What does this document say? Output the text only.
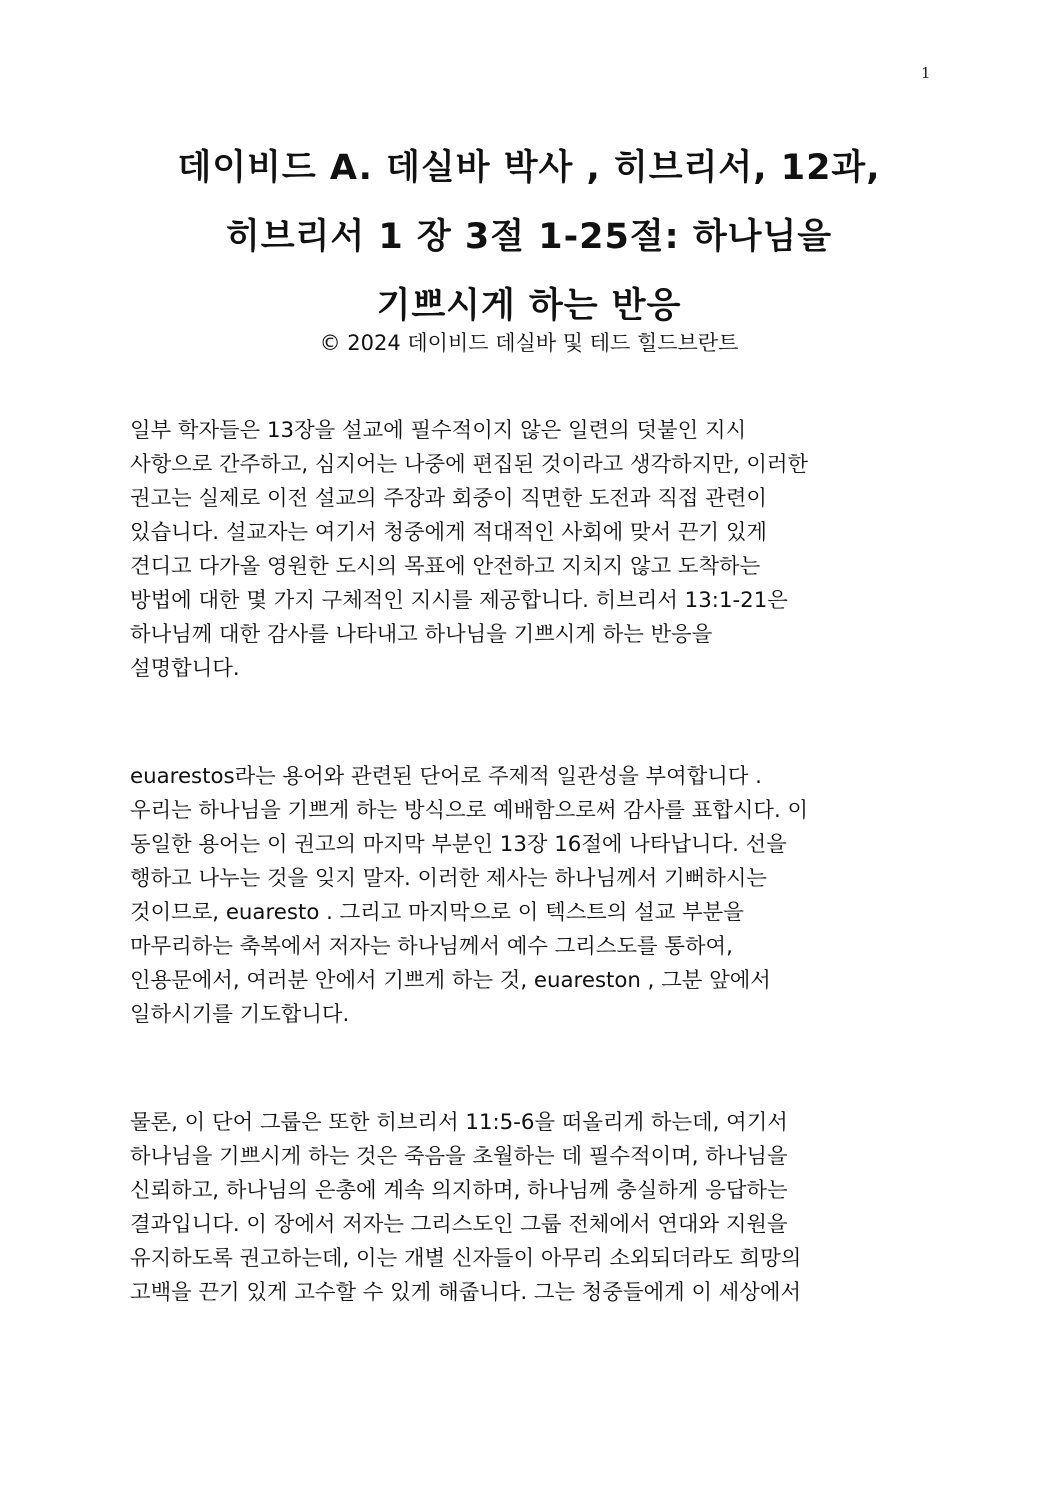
1
데이비드 A. 데실바 박사 , 히브리서, 12과,
히브리서 1 장 3절 1-25절: 하나님을
기쁘시게 하는 반응
© 2024 데이비드 데실바 및 테드 힐드브란트

일부 학자들은 13장을 설교에 필수적이지 않은 일련의 덧붙인 지시
사항으로 간주하고, 심지어는 나중에 편집된 것이라고 생각하지만, 이러한
권고는 실제로 이전 설교의 주장과 회중이 직면한 도전과 직접 관련이
있습니다. 설교자는 여기서 청중에게 적대적인 사회에 맞서 끈기 있게
견디고 다가올 영원한 도시의 목표에 안전하고 지치지 않고 도착하는
방법에 대한 몇 가지 구체적인 지시를 제공합니다. 히브리서 13:1-21은
하나님께 대한 감사를 나타내고 하나님을 기쁘시게 하는 반응을
설명합니다.

euarestos라는 용어와 관련된 단어로 주제적 일관성을 부여합니다 .
우리는 하나님을 기쁘게 하는 방식으로 예배함으로써 감사를 표합시다. 이
동일한 용어는 이 권고의 마지막 부분인 13장 16절에 나타납니다. 선을
행하고 나누는 것을 잊지 말자. 이러한 제사는 하나님께서 기뻐하시는
것이므로, euaresto . 그리고 마지막으로 이 텍스트의 설교 부분을
마무리하는 축복에서 저자는 하나님께서 예수 그리스도를 통하여,
인용문에서, 여러분 안에서 기쁘게 하는 것, euareston , 그분 앞에서
일하시기를 기도합니다.

물론, 이 단어 그룹은 또한 히브리서 11:5-6을 떠올리게 하는데, 여기서
하나님을 기쁘시게 하는 것은 죽음을 초월하는 데 필수적이며, 하나님을
신뢰하고, 하나님의 은총에 계속 의지하며, 하나님께 충실하게 응답하는
결과입니다. 이 장에서 저자는 그리스도인 그룹 전체에서 연대와 지원을
유지하도록 권고하는데, 이는 개별 신자들이 아무리 소외되더라도 희망의
고백을 끈기 있게 고수할 수 있게 해줍니다. 그는 청중들에게 이 세상에서
